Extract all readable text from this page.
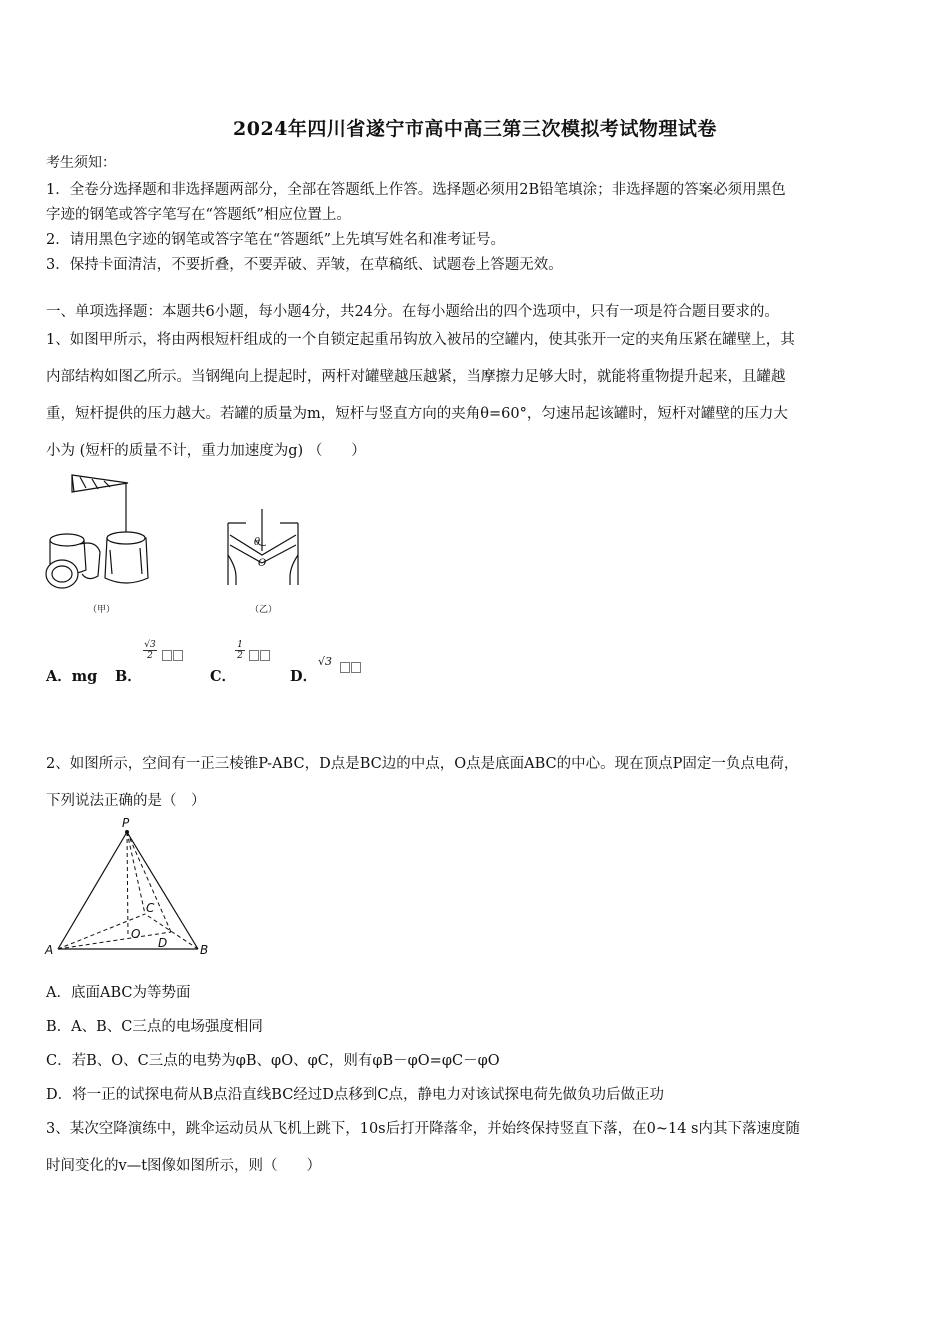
2024年四川省遂宁市高中高三第三次模拟考试物理试卷
考生须知：
1．全卷分选择题和非选择题两部分，全部在答题纸上作答。选择题必须用2B铅笔填涂；非选择题的答案必须用黑色
字迹的钢笔或答字笔写在“答题纸”相应位置上。
2．请用黑色字迹的钢笔或答字笔在“答题纸”上先填写姓名和准考证号。
3．保持卡面清洁，不要折叠，不要弄破、弄皱，在草稿纸、试题卷上答题无效。
一、单项选择题：本题共6小题，每小题4分，共24分。在每小题给出的四个选项中，只有一项是符合题目要求的。
1、如图甲所示，将由两根短杆组成的一个自锁定起重吊钩放入被吊的空罐内，使其张开一定的夹角压紧在罐壁上，其
内部结构如图乙所示。当钢绳向上提起时，两杆对罐壁越压越紧，当摩擦力足够大时，就能将重物提升起来，且罐越
重，短杆提供的压力越大。若罐的质量为m，短杆与竖直方向的夹角θ=60°，匀速吊起该罐时，短杆对罐壁的压力大
小为 (短杆的质量不计，重力加速度为g) （　　）
（甲）
θ
O
（乙）
A．mg B．
$\frac{√3}{2}$
C．
$\frac{1}{2}$
D．
√3
2、如图所示，空间有一正三棱锥P-ABC，D点是BC边的中点，O点是底面ABC的中心。现在顶点P固定一负点电荷，
下列说法正确的是（　）
P
A	B
C
O
D
A．底面ABC为等势面
B．A、B、C三点的电场强度相同
C．若B、O、C三点的电势为φB、φO、φC，则有φB－φO=φC－φO
D．将一正的试探电荷从B点沿直线BC经过D点移到C点，静电力对该试探电荷先做负功后做正功
3、某次空降演练中，跳伞运动员从飞机上跳下，10s后打开降落伞，并始终保持竖直下落，在0~14 s内其下落速度随
时间变化的v—t图像如图所示，则（　　）
